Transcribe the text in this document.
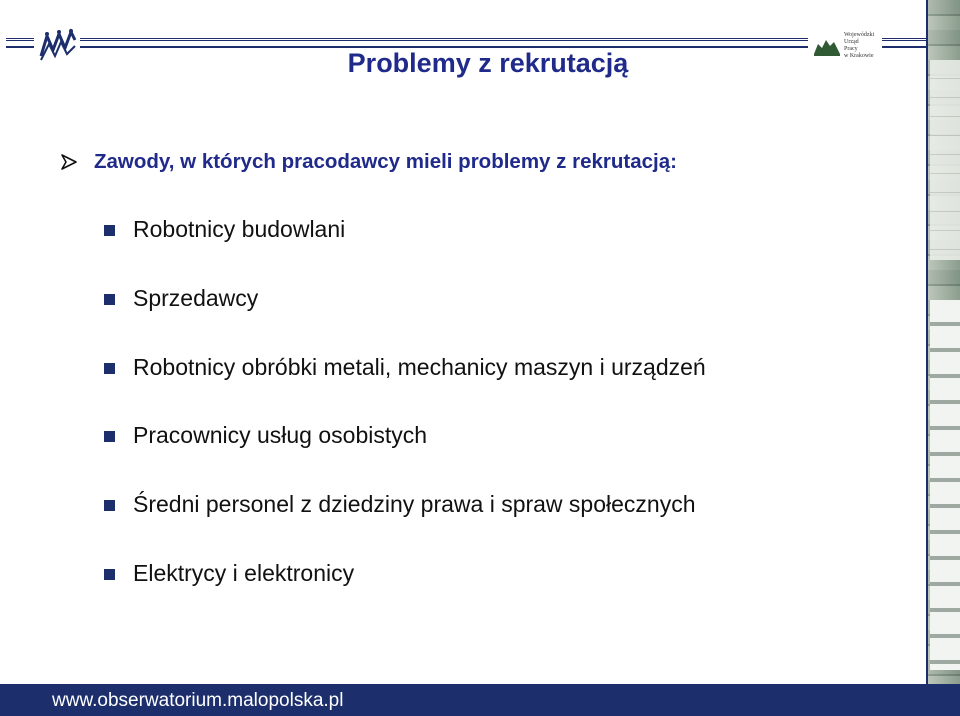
Wojewódzki
Urząd
Pracy
w Krakowie
Problemy z rekrutacją
Zawody, w których pracodawcy mieli problemy z rekrutacją:
Robotnicy budowlani
Sprzedawcy
Robotnicy obróbki metali, mechanicy maszyn i urządzeń
Pracownicy usług osobistych
Średni personel z dziedziny prawa i spraw społecznych
Elektrycy i elektronicy
www.obserwatorium.malopolska.pl
